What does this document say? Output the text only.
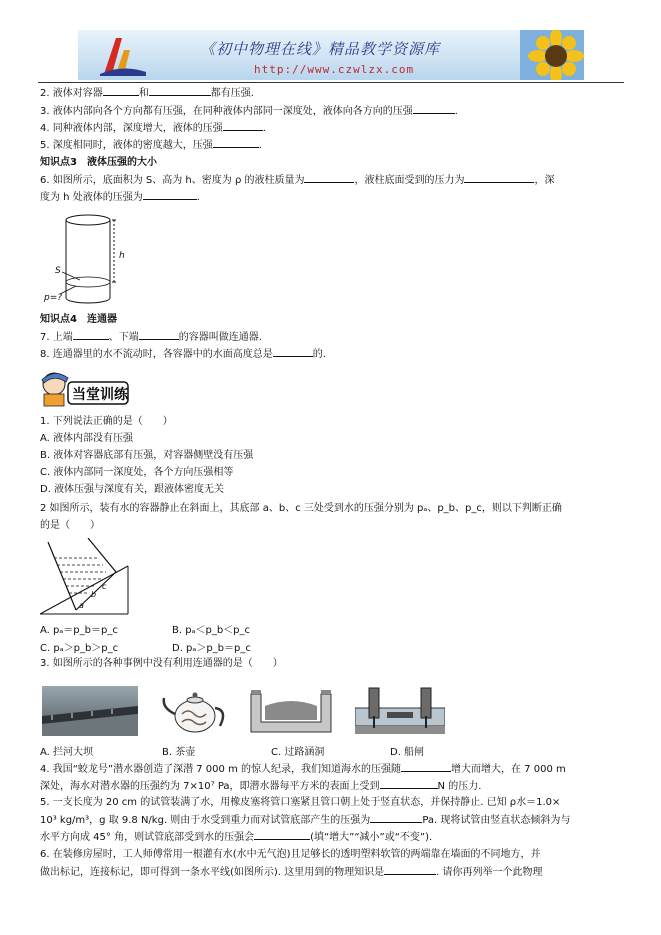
《初中物理在线》精品教学资源库
http://www.czwlzx.com
2. 液体对容器	和	都有压强.
3. 液体内部向各个方向都有压强，在同种液体内部同一深度处，液体向各方向的压强	.
4. 同种液体内部，深度增大，液体的压强	.
5. 深度相同时，液体的密度越大，压强	.
知识点3　液体压强的大小
6. 如图所示，底面积为 S、高为 h、密度为 ρ 的液柱质量为	，液柱底面受到的压力为	，深
度为 h 处液体的压强为	.
h
S
p=?
知识点4　连通器
7. 上端	、下端	的容器叫做连通器.
8. 连通器里的水不流动时，各容器中的水面高度总是	的.
当堂训练
1. 下列说法正确的是（　　）
A. 液体内部没有压强
B. 液体对容器底部有压强，对容器侧壁没有压强
C. 液体内部同一深度处，各个方向压强相等
D. 液体压强与深度有关，跟液体密度无关
2 如图所示，装有水的容器静止在斜面上，其底部 a、b、c 三处受到水的压强分别为 pₐ、p_b、p_c，则以下判断正确
的是（　　）
a
b
c
A. pₐ＝p_b＝p_c	B. pₐ＜p_b＜p_c
C. pₐ＞p_b＞p_c	D. pₐ＞p_b＝p_c
3. 如图所示的各种事例中没有利用连通器的是（　　）
A. 拦河大坝	B. 茶壶	C. 过路涵洞	D. 船闸
4. 我国“蛟龙号”潜水器创造了深潜 7 000 m 的惊人纪录，我们知道海水的压强随	增大而增大，在 7 000 m
深处，海水对潜水器的压强约为 7×10⁷ Pa，即潜水器每平方米的表面上受到	N 的压力.
5. 一支长度为 20 cm 的试管装满了水，用橡皮塞将管口塞紧且管口朝上处于竖直状态，并保持静止. 已知 ρ水＝1.0×
10³ kg/m³，g 取 9.8 N/kg. 则由于水受到重力而对试管底部产生的压强为	Pa. 现将试管由竖直状态倾斜为与
水平方向成 45° 角，则试管底部受到水的压强会	(填“增大”“减小”或“不变”).
6. 在装修房屋时，工人师傅常用一根灌有水(水中无气泡)且足够长的透明塑料软管的两端靠在墙面的不同地方，并
做出标记，连接标记，即可得到一条水平线(如图所示). 这里用到的物理知识是	. 请你再列举一个此物理
